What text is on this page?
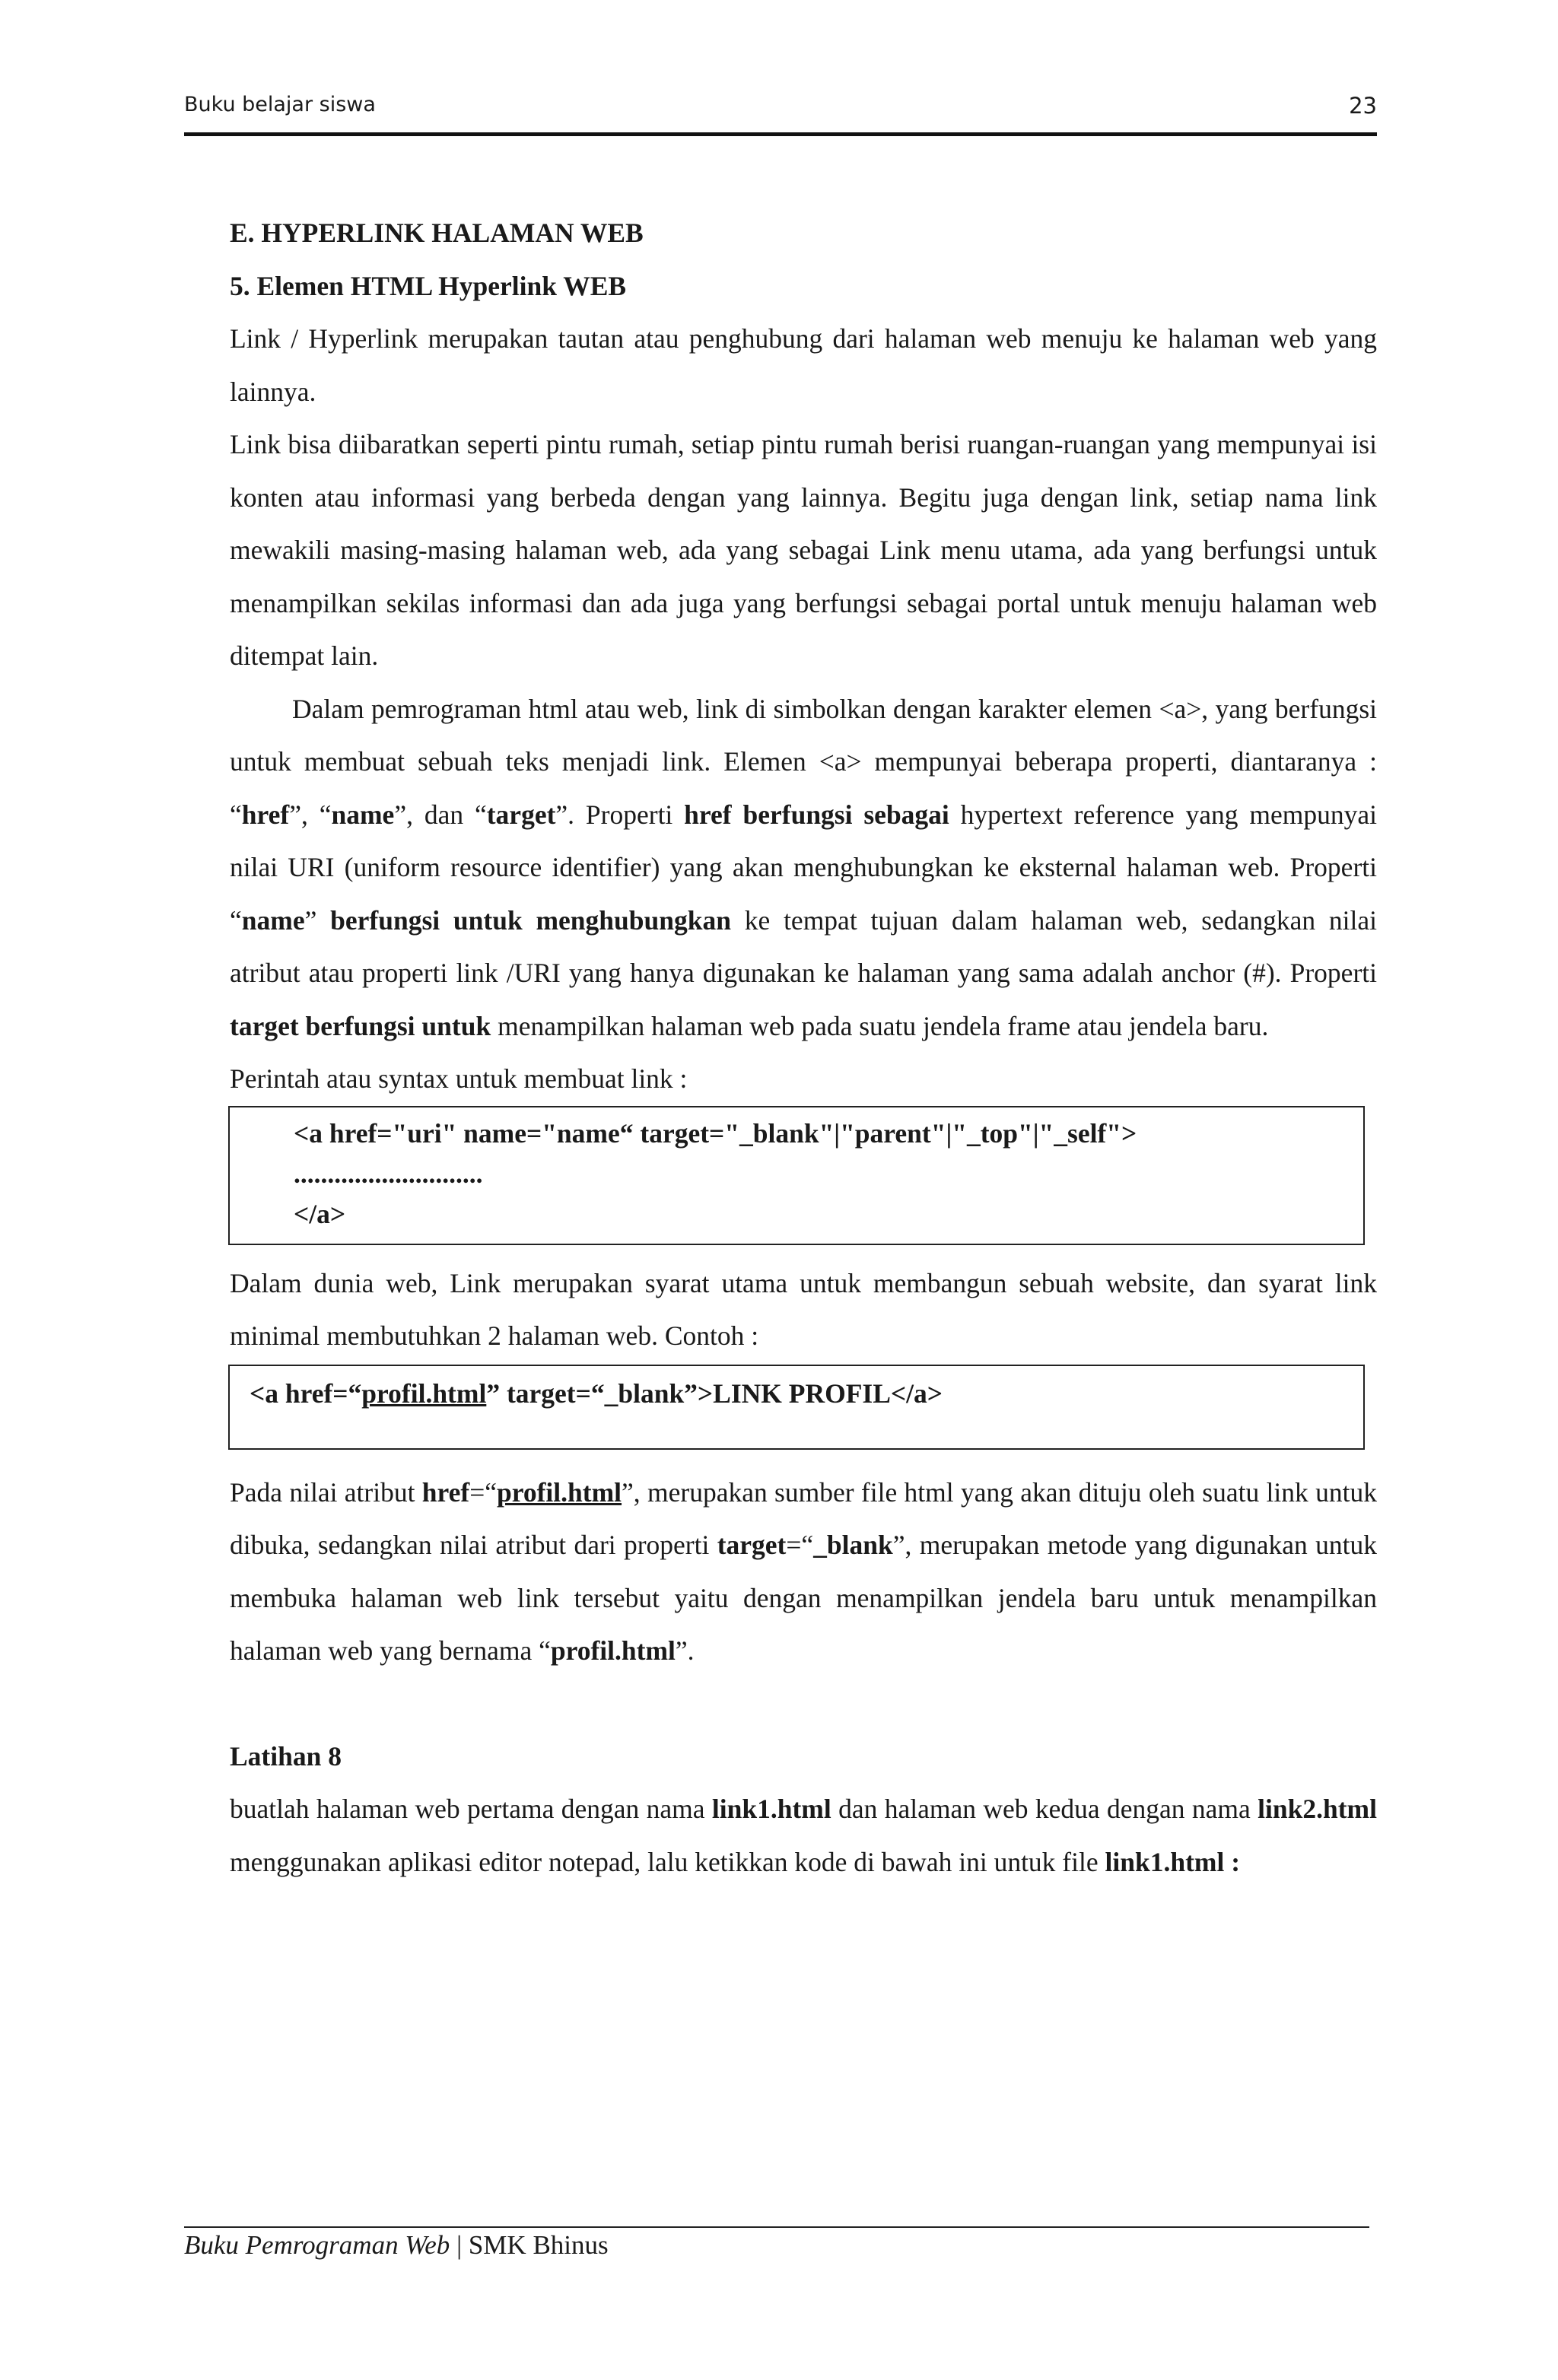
Buku belajar siswa	23

E. HYPERLINK HALAMAN WEB

5. Elemen HTML Hyperlink WEB

Link / Hyperlink merupakan tautan atau penghubung dari halaman web menuju ke halaman web yang lainnya.

Link bisa diibaratkan seperti pintu rumah, setiap pintu rumah berisi ruangan-ruangan yang mempunyai isi konten atau informasi yang berbeda dengan yang lainnya. Begitu juga dengan link, setiap nama link mewakili masing-masing halaman web, ada yang sebagai Link menu utama, ada yang berfungsi untuk menampilkan sekilas informasi dan ada juga yang berfungsi sebagai portal untuk menuju halaman web ditempat lain.

Dalam pemrograman html atau web, link di simbolkan dengan karakter elemen <a>, yang berfungsi untuk membuat sebuah teks menjadi link. Elemen <a> mempunyai beberapa properti, diantaranya : “href”, “name”, dan “target”. Properti href berfungsi sebagai hypertext reference yang mempunyai nilai URI (uniform resource identifier) yang akan menghubungkan ke eksternal halaman web. Properti “name” berfungsi untuk menghubungkan ke tempat tujuan dalam halaman web, sedangkan nilai atribut atau properti link /URI yang hanya digunakan ke halaman yang sama adalah anchor (#). Properti target berfungsi untuk menampilkan halaman web pada suatu jendela frame atau jendela baru.

Perintah atau syntax untuk membuat link :

<a href="uri" name="name“ target="_blank"|"parent"|"_top"|"_self">
............................
</a>

Dalam dunia web, Link merupakan syarat utama untuk membangun sebuah website, dan syarat link minimal membutuhkan 2 halaman web. Contoh :

<a href=“profil.html” target=“_blank”>LINK PROFIL</a>

Pada nilai atribut href=“profil.html”, merupakan sumber file html yang akan dituju oleh suatu link untuk dibuka, sedangkan nilai atribut dari properti target=“_blank”, merupakan metode yang digunakan untuk membuka halaman web link tersebut yaitu dengan menampilkan jendela baru untuk menampilkan halaman web yang bernama “profil.html”.

Latihan 8

buatlah halaman web pertama dengan nama link1.html dan halaman web kedua dengan nama link2.html menggunakan aplikasi editor notepad, lalu ketikkan kode di bawah ini untuk file link1.html :

Buku Pemrograman Web | SMK Bhinus
